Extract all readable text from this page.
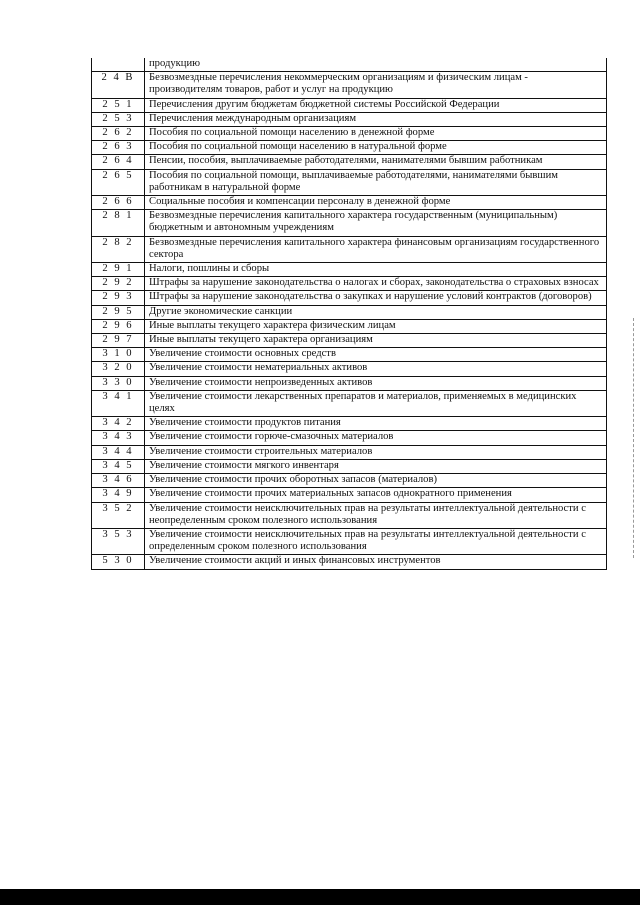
	продукцию
2 4 В	Безвозмездные перечисления некоммерческим организациям и физическим лицам - производителям товаров, работ и услуг на продукцию
2 5 1	Перечисления другим бюджетам бюджетной системы Российской Федерации
2 5 3	Перечисления международным организациям
2 6 2	Пособия по социальной помощи населению в денежной форме
2 6 3	Пособия по социальной помощи населению в натуральной форме
2 6 4	Пенсии, пособия, выплачиваемые работодателями, нанимателями бывшим работникам
2 6 5	Пособия по социальной помощи, выплачиваемые работодателями, нанимателями бывшим работникам в натуральной форме
2 6 6	Социальные пособия и компенсации персоналу в денежной форме
2 8 1	Безвозмездные перечисления капитального характера государственным (муниципальным) бюджетным и автономным учреждениям
2 8 2	Безвозмездные перечисления капитального характера финансовым организациям государственного сектора
2 9 1	Налоги, пошлины и сборы
2 9 2	Штрафы за нарушение законодательства о налогах и сборах, законодательства о страховых взносах
2 9 3	Штрафы за нарушение законодательства о закупках и нарушение условий контрактов (договоров)
2 9 5	Другие экономические санкции
2 9 6	Иные выплаты текущего характера физическим лицам
2 9 7	Иные выплаты текущего характера организациям
3 1 0	Увеличение стоимости основных средств
3 2 0	Увеличение стоимости нематериальных активов
3 3 0	Увеличение стоимости непроизведенных активов
3 4 1	Увеличение стоимости лекарственных препаратов и материалов, применяемых в медицинских целях
3 4 2	Увеличение стоимости продуктов питания
3 4 3	Увеличение стоимости горюче-смазочных материалов
3 4 4	Увеличение стоимости строительных материалов
3 4 5	Увеличение стоимости мягкого инвентаря
3 4 6	Увеличение стоимости прочих оборотных запасов (материалов)
3 4 9	Увеличение стоимости прочих материальных запасов однократного применения
3 5 2	Увеличение стоимости неисключительных прав на результаты интеллектуальной деятельности с неопределенным сроком полезного использования
3 5 3	Увеличение стоимости неисключительных прав на результаты интеллектуальной деятельности с определенным сроком полезного использования
5 3 0	Увеличение стоимости акций и иных финансовых инструментов
